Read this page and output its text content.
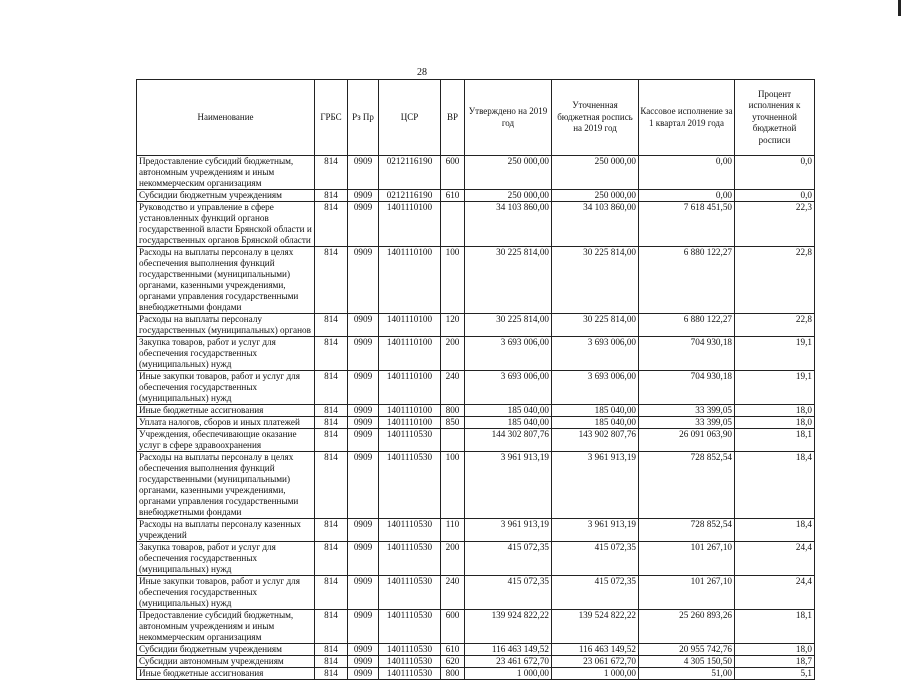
28
Наименование	ГРБС	Рз Пр	ЦСР	ВР	Утверждено на 2019 год	Уточненная бюджетная роспись на 2019 год	Кассовое исполнение за 1 квартал 2019 года	Процент исполнения к уточненной бюджетной росписи
Предоставление субсидий бюджетным, автономным учреждениям и иным некоммерческим организациям	814	0909	0212116190	600	250 000,00	250 000,00	0,00	0,0
Субсидии бюджетным учреждениям	814	0909	0212116190	610	250 000,00	250 000,00	0,00	0,0
Руководство и управление в сфере установленных функций органов государственной власти Брянской области и государственных органов Брянской области	814	0909	1401110100		34 103 860,00	34 103 860,00	7 618 451,50	22,3
Расходы на выплаты персоналу в целях обеспечения выполнения функций государственными (муниципальными) органами, казенными учреждениями, органами управления государственными внебюджетными фондами	814	0909	1401110100	100	30 225 814,00	30 225 814,00	6 880 122,27	22,8
Расходы на выплаты персоналу государственных (муниципальных) органов	814	0909	1401110100	120	30 225 814,00	30 225 814,00	6 880 122,27	22,8
Закупка товаров, работ и услуг для обеспечения государственных (муниципальных) нужд	814	0909	1401110100	200	3 693 006,00	3 693 006,00	704 930,18	19,1
Иные закупки товаров, работ и услуг для обеспечения государственных (муниципальных) нужд	814	0909	1401110100	240	3 693 006,00	3 693 006,00	704 930,18	19,1
Иные бюджетные ассигнования	814	0909	1401110100	800	185 040,00	185 040,00	33 399,05	18,0
Уплата налогов, сборов и иных платежей	814	0909	1401110100	850	185 040,00	185 040,00	33 399,05	18,0
Учреждения, обеспечивающие оказание услуг в сфере здравоохранения	814	0909	1401110530		144 302 807,76	143 902 807,76	26 091 063,90	18,1
Расходы на выплаты персоналу в целях обеспечения выполнения функций государственными (муниципальными) органами, казенными учреждениями, органами управления государственными внебюджетными фондами	814	0909	1401110530	100	3 961 913,19	3 961 913,19	728 852,54	18,4
Расходы на выплаты персоналу казенных учреждений	814	0909	1401110530	110	3 961 913,19	3 961 913,19	728 852,54	18,4
Закупка товаров, работ и услуг для обеспечения государственных (муниципальных) нужд	814	0909	1401110530	200	415 072,35	415 072,35	101 267,10	24,4
Иные закупки товаров, работ и услуг для обеспечения государственных (муниципальных) нужд	814	0909	1401110530	240	415 072,35	415 072,35	101 267,10	24,4
Предоставление субсидий бюджетным, автономным учреждениям и иным некоммерческим организациям	814	0909	1401110530	600	139 924 822,22	139 524 822,22	25 260 893,26	18,1
Субсидии бюджетным учреждениям	814	0909	1401110530	610	116 463 149,52	116 463 149,52	20 955 742,76	18,0
Субсидии автономным учреждениям	814	0909	1401110530	620	23 461 672,70	23 061 672,70	4 305 150,50	18,7
Иные бюджетные ассигнования	814	0909	1401110530	800	1 000,00	1 000,00	51,00	5,1
